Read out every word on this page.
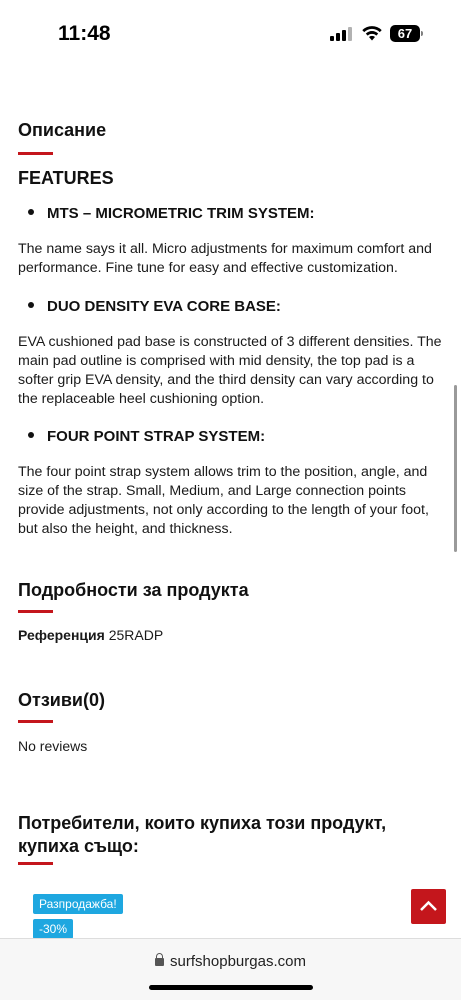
11:48	67
Описание
FEATURES
MTS – MICROMETRIC TRIM SYSTEM:

The name says it all. Micro adjustments for maximum comfort and performance. Fine tune for easy and effective customization.

DUO DENSITY EVA CORE BASE:

EVA cushioned pad base is constructed of 3 different densities. The main pad outline is comprised with mid density, the top pad is a softer grip EVA density, and the third density can vary according to the replaceable heel cushioning option.

FOUR POINT STRAP SYSTEM:

The four point strap system allows trim to the position, angle, and size of the strap. Small, Medium, and Large connection points provide adjustments, not only according to the length of your foot, but also the height, and thickness.

Подробности за продукта
Референция 25RADP
Отзиви(0)
No reviews
Потребители, които купиха този продукт, купиха също:
Разпродажба!
-30%
surfshopburgas.com
